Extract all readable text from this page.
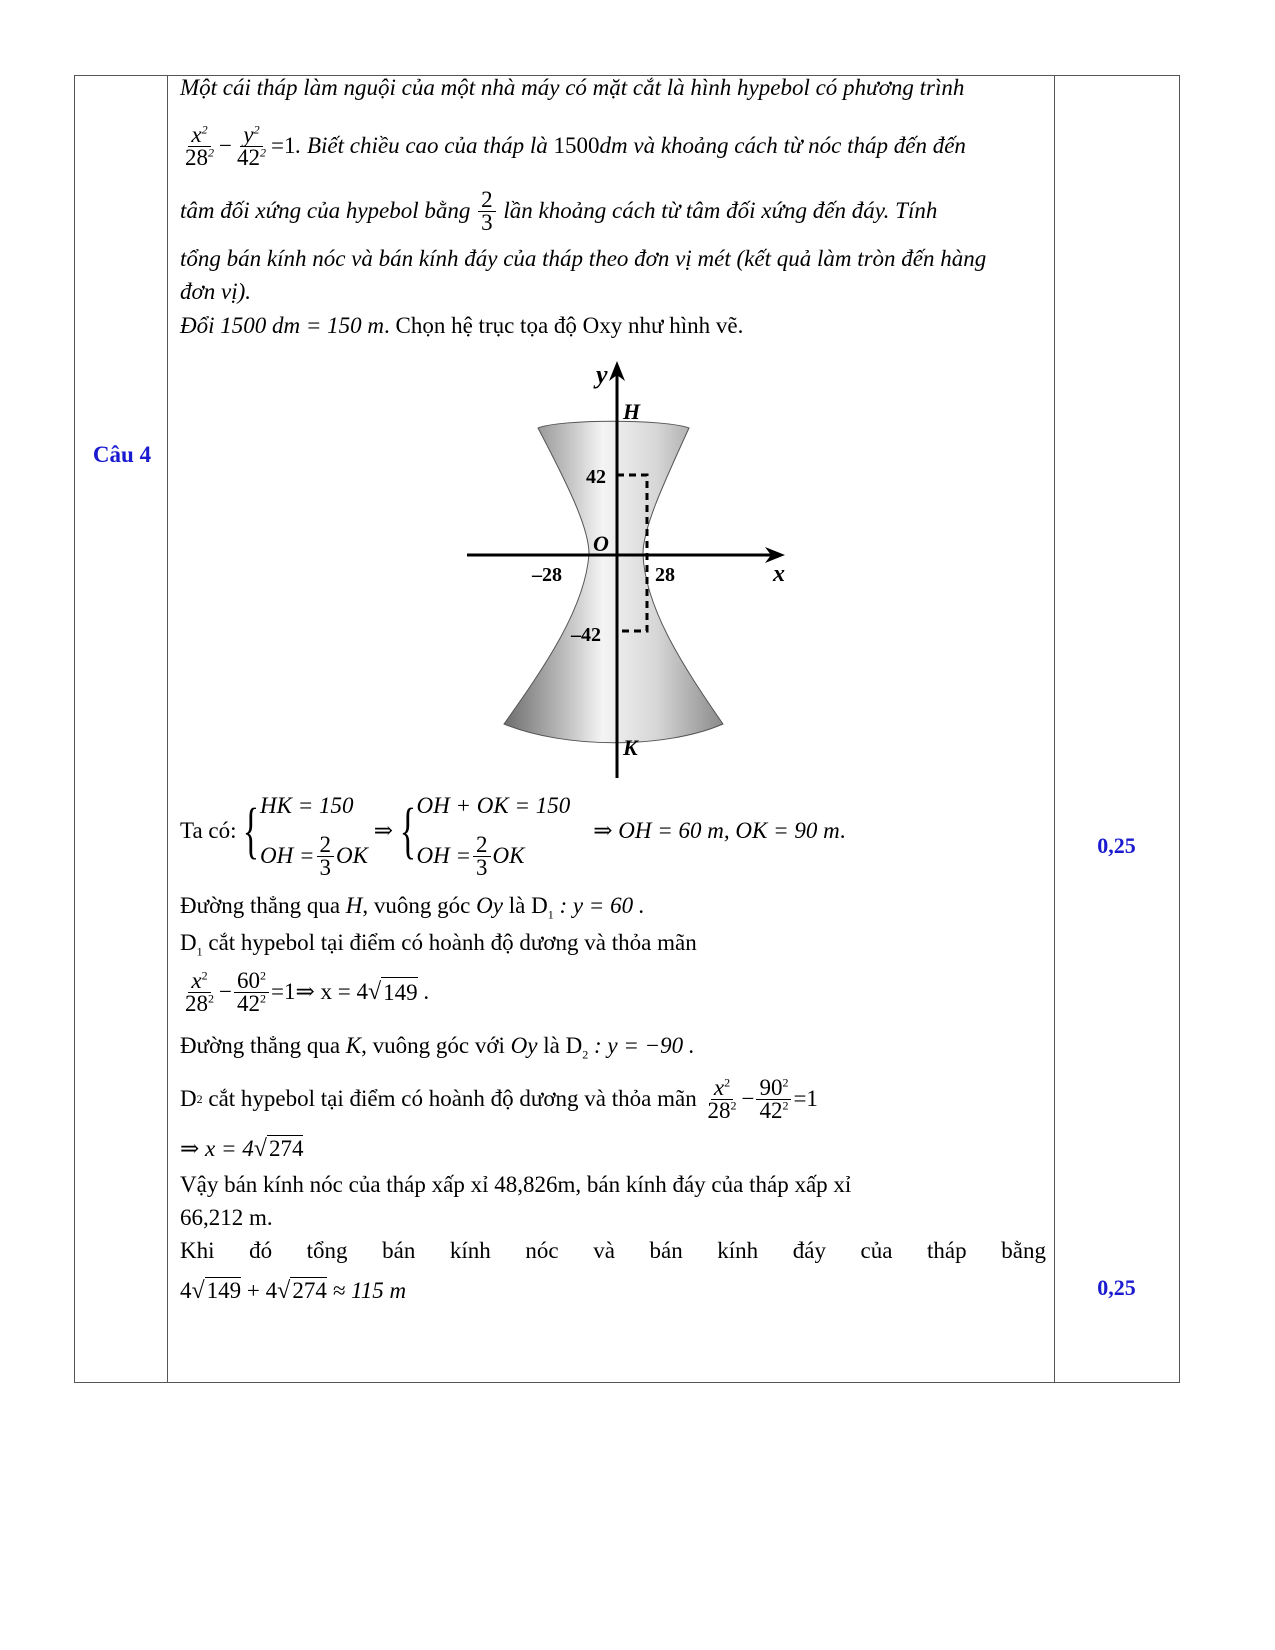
Câu 4
0,25
0,25
Một cái tháp làm nguội của một nhà máy có mặt cắt là hình hypebol có phương trình
$\frac{x^2}{28^2} - \frac{y^2}{42^2} =1$ . Biết chiều cao của tháp là
1500 dm
và khoảng cách từ nóc tháp đến đến
tâm đối xứng của hypebol bằng
$\frac{2}{3}$
lần khoảng cách từ tâm đối xứng đến đáy. Tính
tổng bán kính nóc và bán kính đáy của tháp theo đơn vị mét (kết quả làm tròn đến hàng
đơn vị).
Đổi 1500 dm = 150 m. Chọn hệ trục tọa độ Oxy như hình vẽ.
Ta có:
{ HK = 150
OH = $\frac{2}{3}$ OK
⇒ { OH + OK = 150
OH = $\frac{2}{3}$ OK

⇒ OH = 60 m, OK = 90 m .
Đường thẳng qua H, vuông góc Oy là $D_1$ : y = 60 .
$D_1$ cắt hypebol tại điểm có hoành độ dương và thỏa mãn
$\frac{x^2}{28^2} - \frac{60^2}{42^2}$ =1⇒ x = 4 √ 149 .
Đường thẳng qua K, vuông góc với Oy là $D_2$ : y = −90 .
D 2
cắt hypebol tại điểm có hoành độ dương và thỏa mãn
$\frac{x^2}{28^2} - \frac{90^2}{42^2} =1$
⇒ x = 4√274
Vậy bán kính nóc của tháp xấp xỉ 48,826m, bán kính đáy của tháp xấp xỉ
66,212 m.
Khi đó tổng bán kính nóc và bán kính đáy của tháp bằng
4√149 + 4√274 ≈ 115 m
y
x
H
K
O
42
–42
–28	28
